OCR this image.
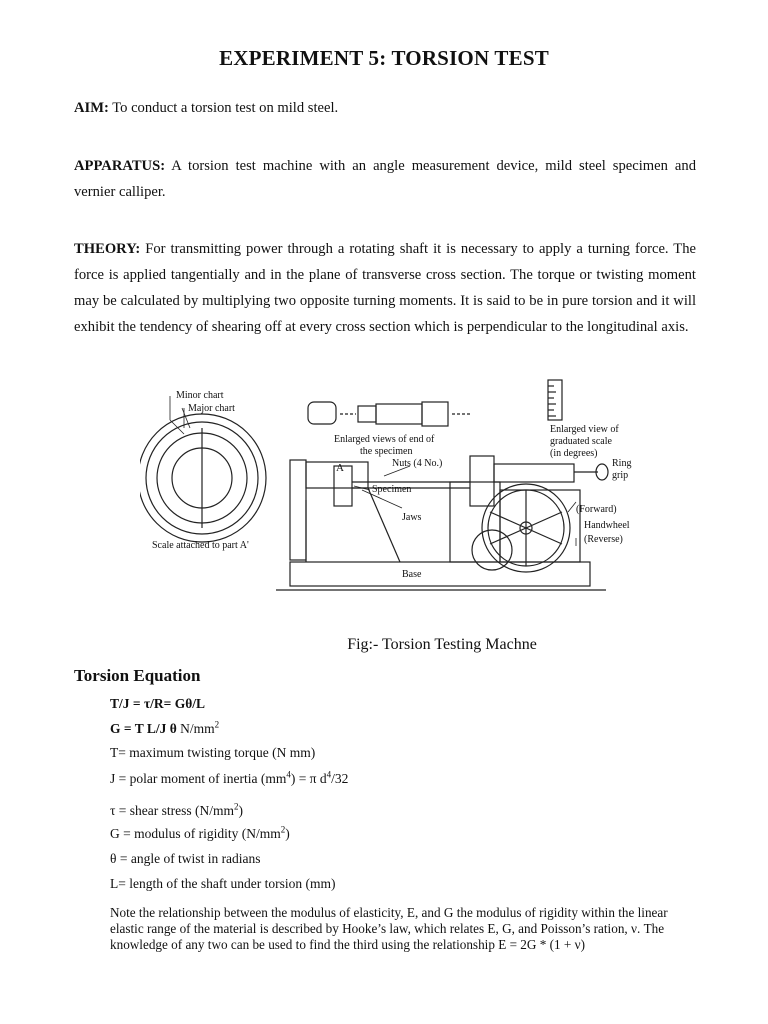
EXPERIMENT 5: TORSION TEST
AIM: To conduct a torsion test on mild steel.
APPARATUS: A torsion test machine with an angle measurement device, mild steel specimen and vernier calliper.
THEORY: For transmitting power through a rotating shaft it is necessary to apply a turning force. The force is applied tangentially and in the plane of transverse cross section. The torque or twisting moment may be calculated by multiplying two opposite turning moments. It is said to be in pure torsion and it will exhibit the tendency of shearing off at every cross section which is perpendicular to the longitudinal axis.
Minor chart
Major chart
Scale attached to part A'
Enlarged views of end of
the specimen
Nuts (4 No.)
A
Specimen
Jaws
Base
Enlarged view of
graduated scale
(in degrees)
Ring
grip
(Forward)
Handwheel
(Reverse)
Fig:- Torsion Testing Machne
Torsion Equation
T/J = τ/R= Gθ/L
G = T L/J θ $N/mm^2$
T= maximum twisting torque (N mm)
J = polar moment of inertia $(mm^4) = \pi$ $d^4/32$
τ = shear stress $(N/mm^2)$
G = modulus of rigidity $(N/mm^2)$
θ = angle of twist in radians
L= length of the shaft under torsion (mm)
Note the relationship between the modulus of elasticity, E, and G the modulus of rigidity within the linear elastic range of the material is described by Hooke’s law, which relates E, G, and Poisson’s ration, ν. The knowledge of any two can be used to find the third using the relationship E = 2G * (1 + ν)
